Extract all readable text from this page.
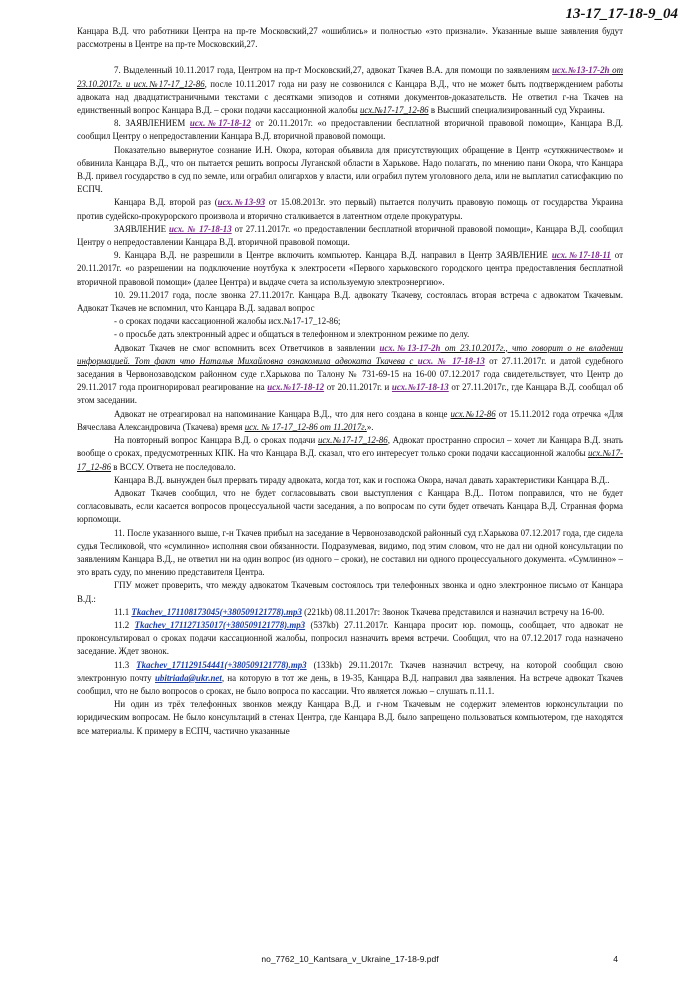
13-17_17-18-9_04

Канцара В.Д. что работники Центра на пр-те Московский,27 «ошиблись» и полностью «это признали». Указанные выше заявления будут рассмотрены в Центре на пр-те Московский,27.

7. Выделенный 10.11.2017 года, Центром на пр-т Московский,27, адвокат Ткачев В.А. для помощи по заявлениям исх.№13-17-2h от 23.10.2017г. и исх.№17-17_12-86, после 10.11.2017 года ни разу не созвонился с Канцара В.Д., что не может быть подтверждением работы адвоката над двадцатистраничными текстами с десятками эпизодов и сотнями документов-доказательств. Не ответил г-на Ткачев на единственный вопрос Канцара В.Д. – сроки подачи кассационной жалобы исх.№17-17_12-86 в Высший специализированный суд Украины.

8. ЗАЯВЛЕНИЕМ исх.№17-18-12 от 20.11.2017г. «о предоставлении бесплатной вторичной правовой помощи», Канцара В.Д. сообщил Центру о непредоставлении Канцара В.Д. вторичной правовой помощи.

Показательно вывернутое сознание И.Н. Окора, которая объявила для присутствующих обращение в Центр «сутяжничеством» и обвинила Канцара В.Д., что он пытается решить вопросы Луганской области в Харькове. Надо полагать, по мнению пани Окора, что Канцара В.Д. привел государство в суд по земле, или ограбил олигархов у власти, или ограбил путем уголовного дела, или не выплатил сатисфакцию по ЕСПЧ.

Канцара В.Д. второй раз (исх.№13-93 от 15.08.2013г. это первый) пытается получить правовую помощь от государства Украина против судейско-прокурорского произвола и вторично сталкивается в латентном отделе прокуратуры.

ЗАЯВЛЕНИЕ исх. № 17-18-13 от 27.11.2017г. «о предоставлении бесплатной вторичной правовой помощи», Канцара В.Д. сообщил Центру о непредоставлении Канцара В.Д. вторичной правовой помощи.

9. Канцара В.Д. не разрешили в Центре включить компьютер. Канцара В.Д. направил в Центр ЗАЯВЛЕНИЕ исх.№17-18-11 от 20.11.2017г. «о разрешении на подключение ноутбука к электросети «Первого харьковского городского центра предоставления бесплатной вторичной правовой помощи» (далее Центра) и выдаче счета за используемую электроэнергию».

10. 29.11.2017 года, после звонка 27.11.2017г. Канцара В.Д. адвокату Ткачеву, состоялась вторая встреча с адвокатом Ткачевым. Адвокат Ткачев не вспомнил, что Канцара В.Д. задавал вопрос

- о сроках подачи кассационной жалобы исх.№17-17_12-86;

- о просьбе дать электронный адрес и общаться в телефонном и электронном режиме по делу.

Адвокат Ткачев не смог вспомнить всех Ответчиков в заявлении исх.№13-17-2h от 23.10.2017г., что говорит о не владении информацией. Тот факт что Наталья Михайловна ознакомила адвоката Ткачева с исх. № 17-18-13 от 27.11.2017г. и датой судебного заседания в Червонозаводском районном суде г.Харькова по Талону № 731-69-15 на 16-00 07.12.2017 года свидетельствует, что Центр до 29.11.2017 года проигнорировал реагирование на исх.№17-18-12 от 20.11.2017г. и исх.№17-18-13 от 27.11.2017г., где Канцара В.Д. сообщал об этом заседании.

Адвокат не отреагировал на напоминание Канцара В.Д., что для него создана в конце исх.№12-86 от 15.11.2012 года отречка «Для Вячеслава Александровича (Ткачева) время исх. № 17-17_12-86 от 11.2017г.».

На повторный вопрос Канцара В.Д. о сроках подачи исх.№17-17_12-86, Адвокат пространно спросил – хочет ли Канцара В.Д. знать вообще о сроках, предусмотренных КПК. На что Канцара В.Д. сказал, что его интересует только сроки подачи кассационной жалобы исх.№17-17_12-86 в ВССУ. Ответа не последовало.

Канцара В.Д. вынужден был прервать тираду адвоката, когда тот, как и госпожа Окора, начал давать характеристики Канцара В.Д..

Адвокат Ткачев сообщил, что не будет согласовывать свои выступления с Канцара В.Д.. Потом поправился, что не будет согласовывать, если касается вопросов процессуальной части заседания, а по вопросам по сути будет отвечать Канцара В.Д. Странная форма юрпомощи.

11. После указанного выше, г-н Ткачев прибыл на заседание в Червонозаводской районный суд г.Харькова 07.12.2017 года, где сидела судья Тесликовой, что «сумлинно» исполняя свои обязанности. Подразумевая, видимо, под этим словом, что не дал ни одной консультации по заявлениям Канцара В.Д., не ответил ни на один вопрос (из одного – сроки), не составил ни одного процессуального документа. «Сумлинно» – это врать суду, по мнению представителя Центра.

ГПУ может проверить, что между адвокатом Ткачевым состоялось три телефонных звонка и одно электронное письмо от Канцара В.Д.:

11.1 Tkachev_171108173045(+380509121778).mp3 (221kb) 08.11.2017г: Звонок Ткачева представился и назначил встречу на 16-00.

11.2 Tkachev_171127135017(+380509121778).mp3 (537kb) 27.11.2017г. Канцара просит юр. помощь, сообщает, что адвокат не проконсультировал о сроках подачи кассационной жалобы, попросил назначить время встречи. Сообщил, что на 07.12.2017 года назначено заседание. Ждет звонок.

11.3 Tkachev_171129154441(+380509121778).mp3 (133kb) 29.11.2017г. Ткачев назначил встречу, на которой сообщил свою электронную почту ubitriada@ukr.net, на которую в тот же день, в 19-35, Канцара В.Д. направил два заявления. На встрече адвокат Ткачев сообщил, что не было вопросов о сроках, не было вопроса по кассации. Что является ложью – слушать п.11.1.

Ни один из трёх телефонных звонков между Канцара В.Д. и г-ном Ткачевым не содержит элементов юрконсультации по юридическим вопросам. Не было консультаций в стенах Центра, где Канцара В.Д. было запрещено пользоваться компьютером, где находятся все материалы. К примеру в ЕСПЧ, частично указанные

no_7762_10_Kantsara_v_Ukraine_17-18-9.pdf	4
